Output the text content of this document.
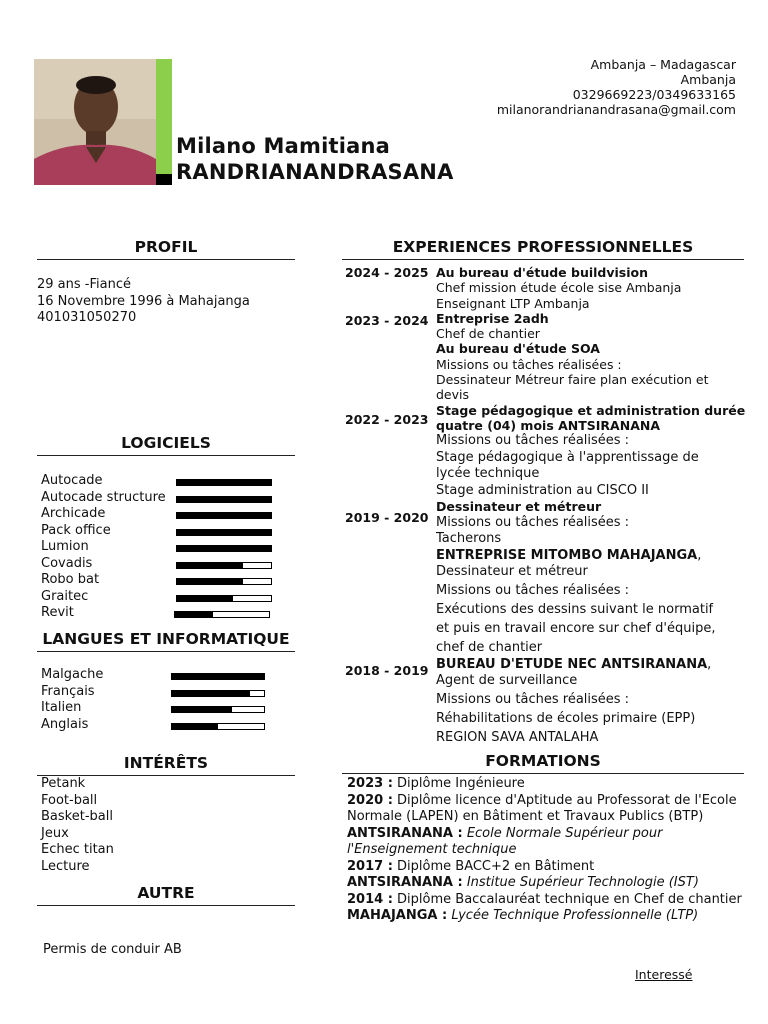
Milano Mamitiana
RANDRIANANDRASANA
Ambanja – Madagascar
Ambanja
0329669223/0349633165
milanorandrianandrasana@gmail.com
PROFIL
29 ans -Fiancé
16 Novembre 1996 à Mahajanga
401031050270
LOGICIELS
Autocade
Autocade structure
Archicade
Pack office
Lumion
Covadis
Robo bat
Graitec
Revit
LANGUES ET INFORMATIQUE
Malgache
Français
Italien
Anglais
INTÉRÊTS
Petank
Foot-ball
Basket-ball
Jeux
Echec titan
Lecture
AUTRE
Permis de conduir AB
EXPERIENCES PROFESSIONNELLES
2024 - 2025
2023 - 2024
2022 - 2023
2019 - 2020
2018 - 2019
Au bureau d'étude buildvision
Chef mission étude école sise Ambanja
Enseignant LTP Ambanja
Entreprise 2adh
Chef de chantier
Au bureau d'étude SOA
Missions ou tâches réalisées :
Dessinateur Métreur faire plan exécution et
devis
Stage pédagogique et administration durée
quatre (04) mois ANTSIRANANA
Missions ou tâches réalisées :
Stage pédagogique à l'apprentissage de
lycée technique
Stage administration au CISCO II
Dessinateur et métreur
Missions ou tâches réalisées :
Tacherons
ENTREPRISE MITOMBO MAHAJANGA,
Dessinateur et métreur
Missions ou tâches réalisées :
Exécutions des dessins suivant le normatif
et puis en travail encore sur chef d'équipe,
chef de chantier
BUREAU D'ETUDE NEC ANTSIRANANA,
Agent de surveillance
Missions ou tâches réalisées :
Réhabilitations de écoles primaire (EPP)
REGION SAVA ANTALAHA
FORMATIONS

2023 : Diplôme Ingénieure

2020 : Diplôme licence d'Aptitude au Professorat de l'Ecole Normale (LAPEN) en Bâtiment et Travaux Publics (BTP)

ANTSIRANANA : Ecole Normale Supérieur pour l'Enseignement technique

2017 : Diplôme BACC+2 en Bâtiment

ANTSIRANANA : Institue Supérieur Technologie (IST)

2014 : Diplôme Baccalauréat technique en Chef de chantier

MAHAJANGA : Lycée Technique Professionnelle (LTP)

Interessé
